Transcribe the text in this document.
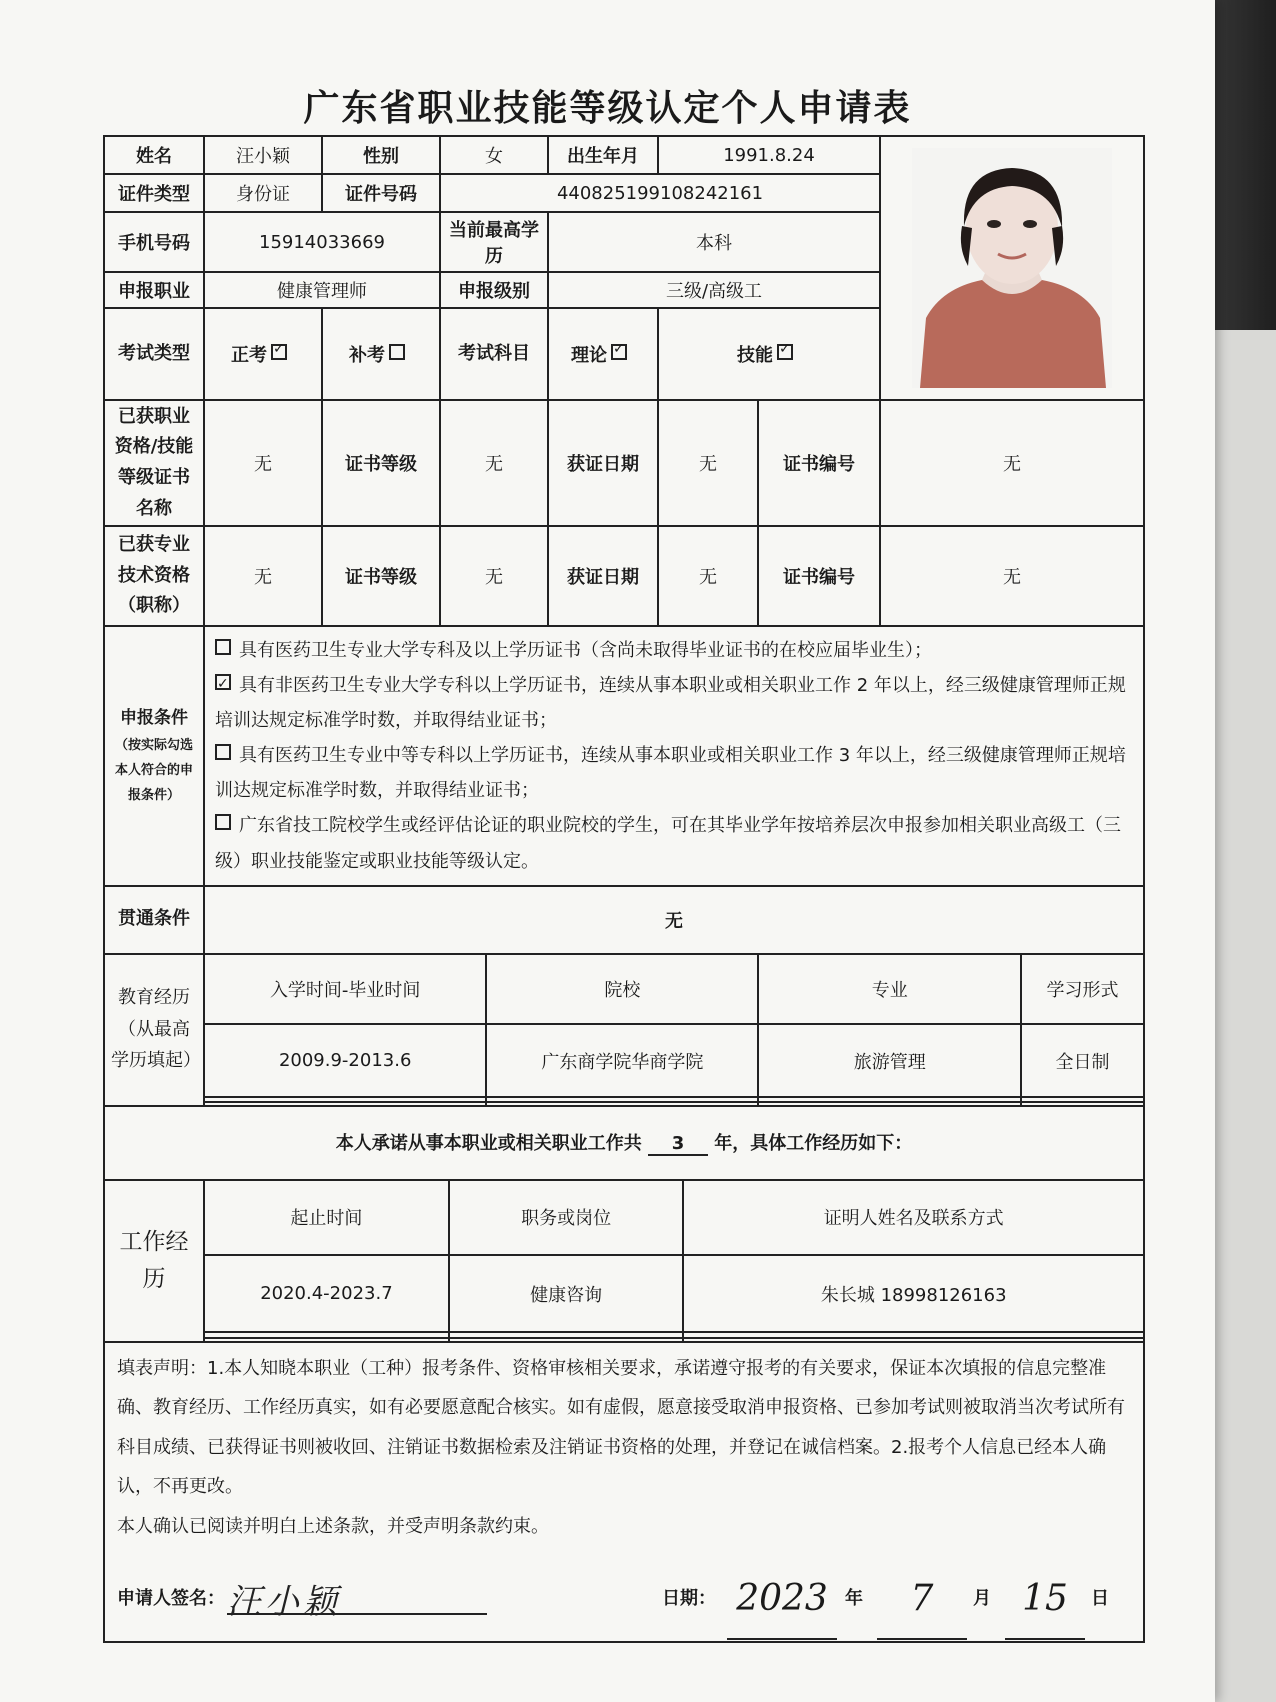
广东省职业技能等级认定个人申请表
姓名	汪小颖	性别	女	出生年月	1991.8.24	

证件类型	身份证	证件号码	440825199108242161
手机号码	15914033669	当前最高学历	本科
申报职业	健康管理师	申报级别	三级/高级工
考试类型	正考✓	补考	考试科目	理论✓	技能✓
已获职业资格/技能等级证书名称	无	证书等级	无	获证日期	无	证书编号	无
已获专业技术资格（职称）	无	证书等级	无	获证日期	无	证书编号	无

申报条件
（按实际勾选本人符合的申报条件）

具有医药卫生专业大学专科及以上学历证书（含尚未取得毕业证书的在校应届毕业生）；

✓具有非医药卫生专业大学专科以上学历证书，连续从事本职业或相关职业工作 2 年以上，经三级健康管理师正规培训达规定标准学时数，并取得结业证书；

具有医药卫生专业中等专科以上学历证书，连续从事本职业或相关职业工作 3 年以上，经三级健康管理师正规培训达规定标准学时数，并取得结业证书；

广东省技工院校学生或经评估论证的职业院校的学生，可在其毕业学年按培养层次申报参加相关职业高级工（三级）职业技能鉴定或职业技能等级认定。

贯通条件	无
教育经历（从最高学历填起）	
入学时间-毕业时间	院校	专业	学习形式
2009.9-2013.6	广东商学院华商学院	旅游管理	全日制

本人承诺从事本职业或相关职业工作共 3 年，具体工作经历如下：
工作经历	
起止时间	职务或岗位	证明人姓名及联系方式
2020.4-2023.7	健康咨询	朱长城 18998126163

填表声明：1.本人知晓本职业（工种）报考条件、资格审核相关要求，承诺遵守报考的有关要求，保证本次填报的信息完整准确、教育经历、工作经历真实，如有必要愿意配合核实。如有虚假，愿意接受取消申报资格、已参加考试则被取消当次考试所有科目成绩、已获得证书则被收回、注销证书数据检索及注销证书资格的处理，并登记在诚信档案。2.报考个人信息已经本人确认，不再更改。

本人确认已阅读并明白上述条款，并受声明条款约束。

申请人签名： 汪小颖	日期： 2023 年	7	月 15	日
